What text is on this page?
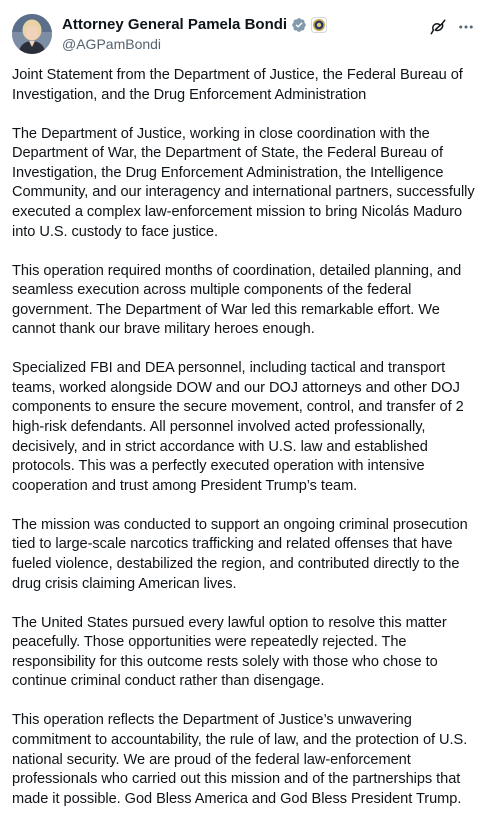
Attorney General Pamela Bondi
@AGPamBondi

Joint Statement from the Department of Justice, the Federal Bureau of Investigation, and the Drug Enforcement Administration

The Department of Justice, working in close coordination with the Department of War, the Department of State, the Federal Bureau of Investigation, the Drug Enforcement Administration, the Intelligence Community, and our interagency and international partners, successfully executed a complex law-enforcement mission to bring Nicolás Maduro into U.S. custody to face justice.

This operation required months of coordination, detailed planning, and seamless execution across multiple components of the federal government. The Department of War led this remarkable effort. We cannot thank our brave military heroes enough.

Specialized FBI and DEA personnel, including tactical and transport teams, worked alongside DOW and our DOJ attorneys and other DOJ components to ensure the secure movement, control, and transfer of 2 high-risk defendants. All personnel involved acted professionally, decisively, and in strict accordance with U.S. law and established protocols. This was a perfectly executed operation with intensive cooperation and trust among President Trump’s team.

The mission was conducted to support an ongoing criminal prosecution tied to large-scale narcotics trafficking and related offenses that have fueled violence, destabilized the region, and contributed directly to the drug crisis claiming American lives.

The United States pursued every lawful option to resolve this matter peacefully. Those opportunities were repeatedly rejected. The responsibility for this outcome rests solely with those who chose to continue criminal conduct rather than disengage.

This operation reflects the Department of Justice’s unwavering commitment to accountability, the rule of law, and the protection of U.S. national security. We are proud of the federal law-enforcement professionals who carried out this mission and of the partnerships that made it possible. God Bless America and God Bless President Trump.
